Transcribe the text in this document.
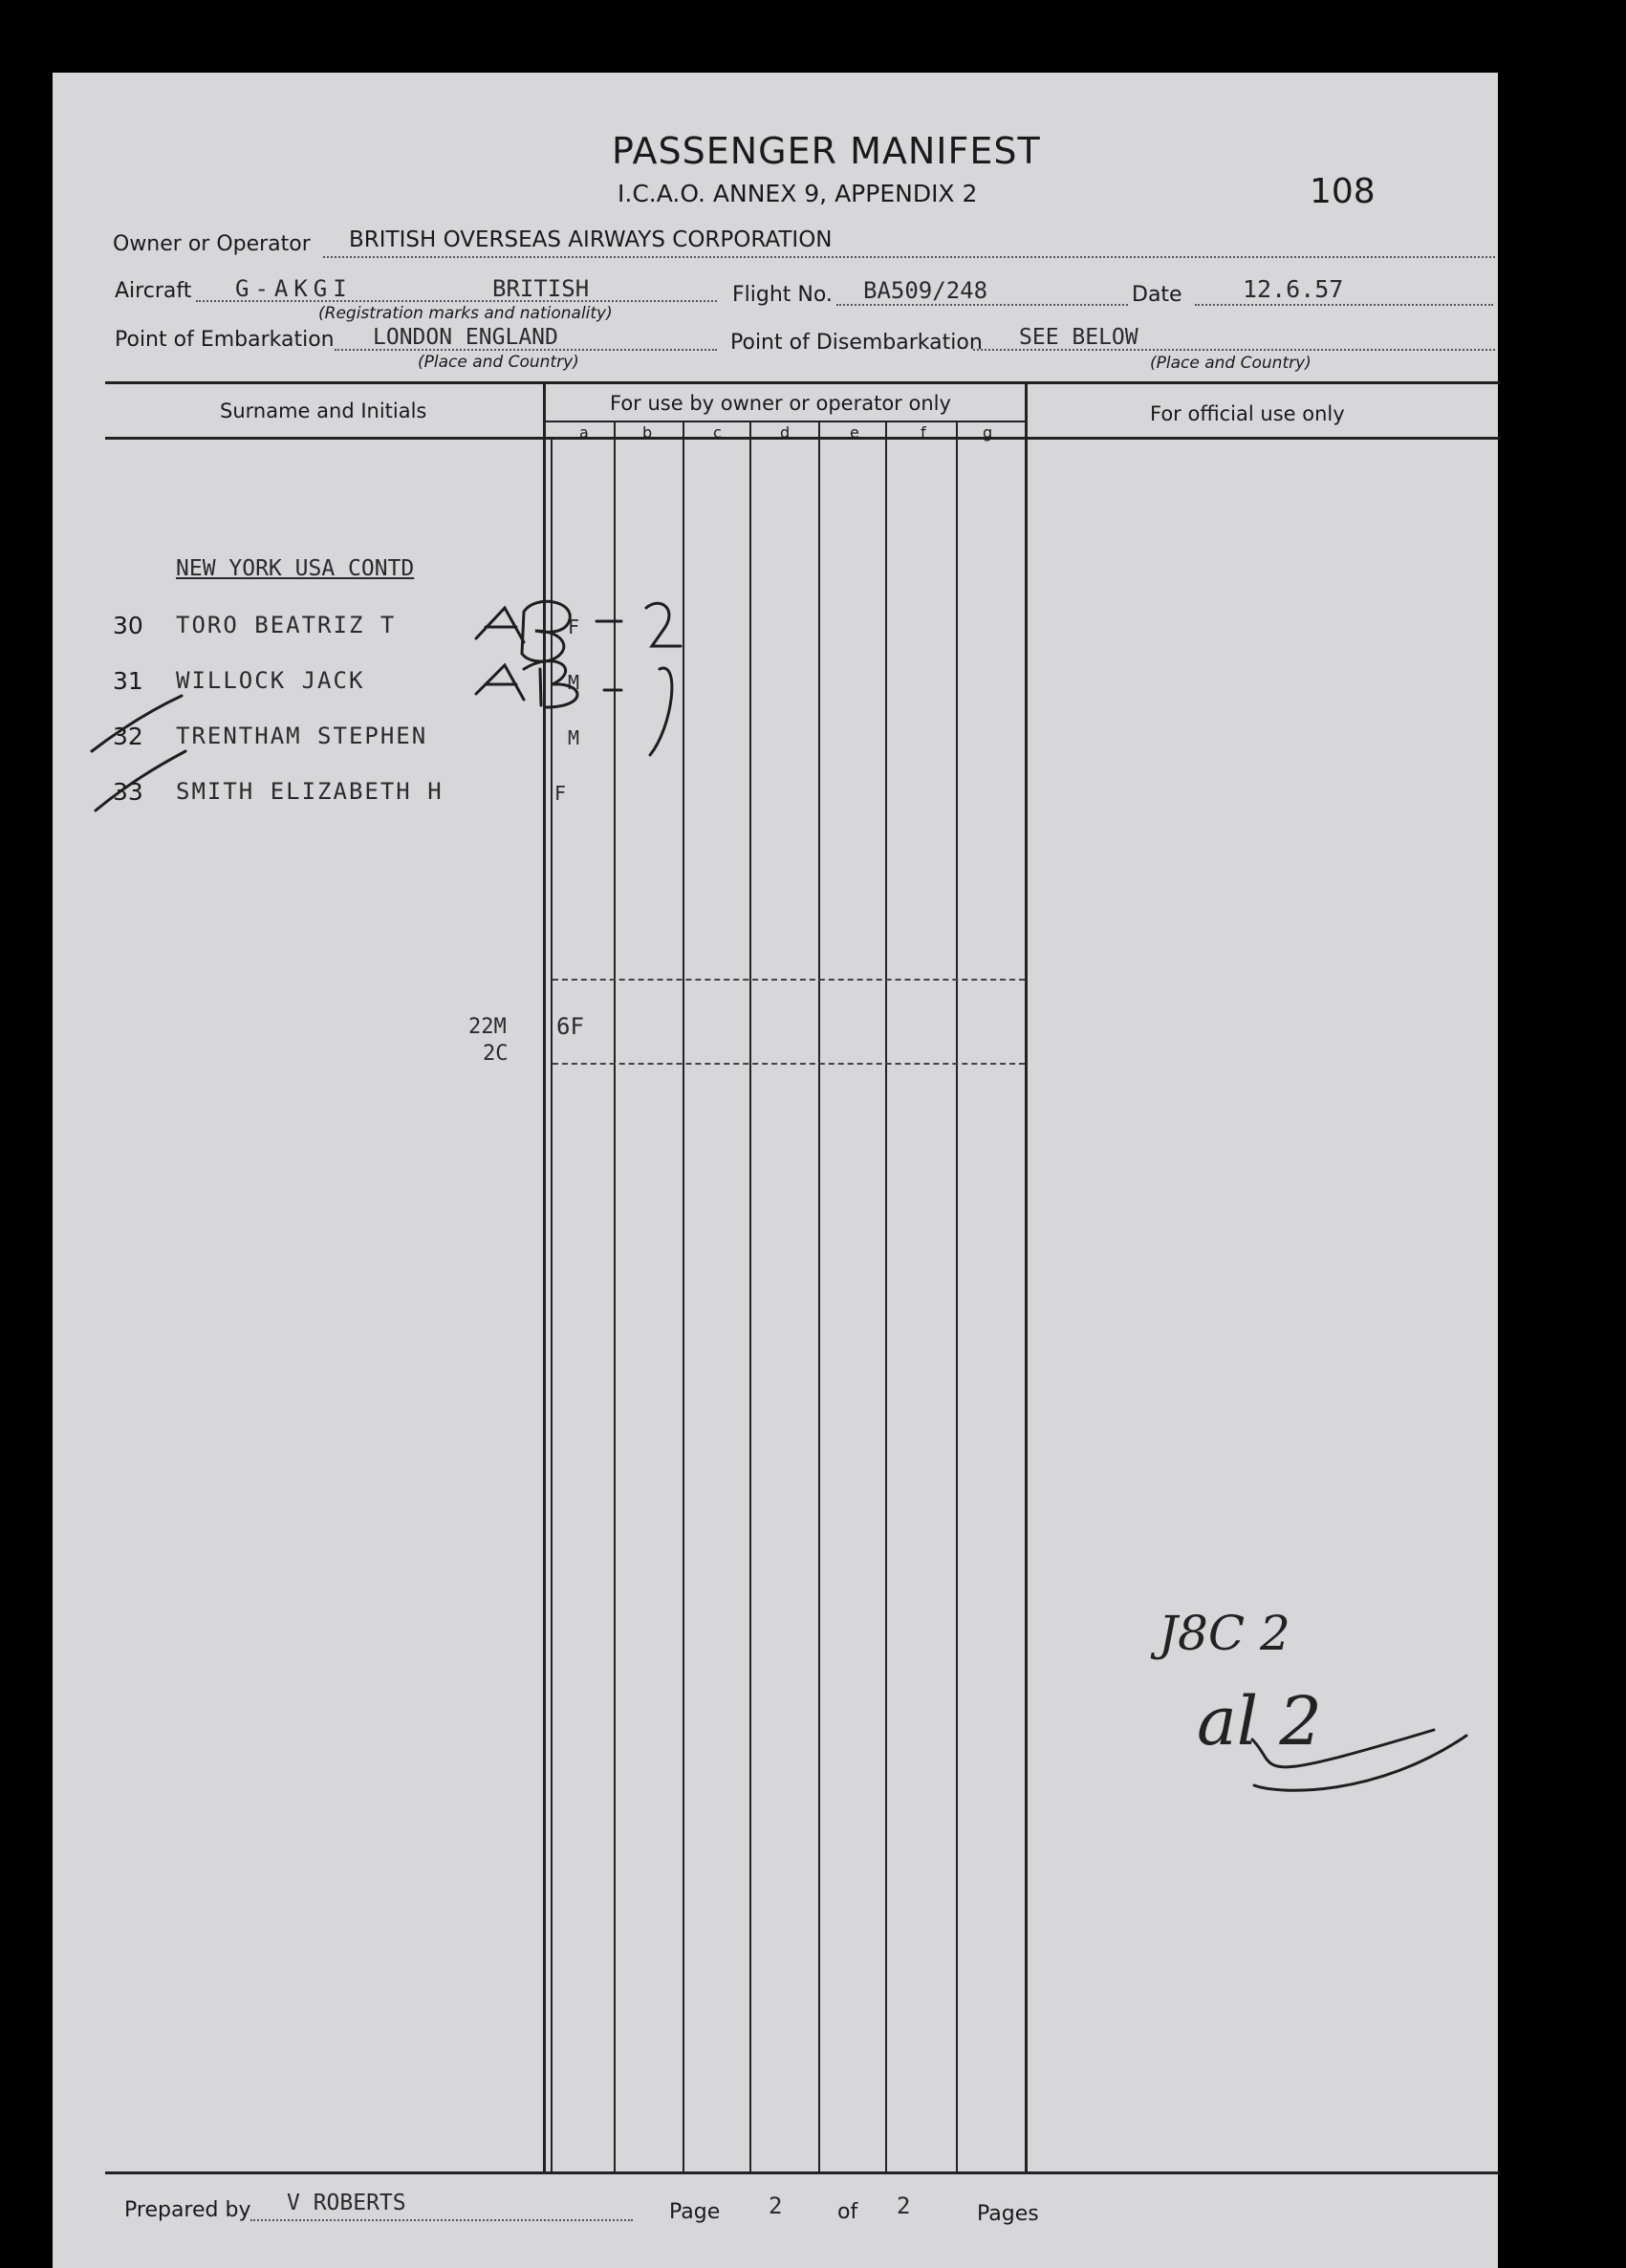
PASSENGER MANIFEST
I.C.A.O. ANNEX 9, APPENDIX 2	108
Owner or Operator BRITISH OVERSEAS AIRWAYS CORPORATION
Aircraft G-AKGI	BRITISH
(Registration marks and nationality)
Flight No. BA509/248	Date	12.6.57
Point of Embarkation LONDON ENGLAND
(Place and Country)
Point of Disembarkation SEE BELOW
(Place and Country)
Surname and Initials	For use by owner or operator only	For official use only
a	b	c	d	e	f	g
NEW YORK USA CONTD
30 TORO BEATRIZ T	F
31 WILLOCK JACK	M
32 TRENTHAM STEPHEN	M
33 SMITH ELIZABETH H	F
22M
2C
6F
J8C 2
al 2
Prepared by V ROBERTS	Page 2	of 2	Pages
